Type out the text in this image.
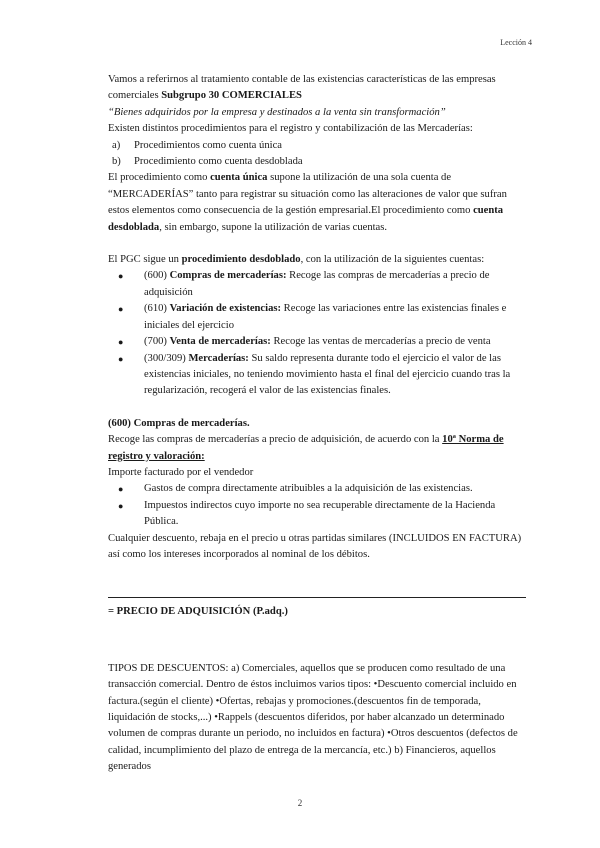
Lección 4

Vamos a referirnos al tratamiento contable de las existencias características de las empresas comerciales Subgrupo 30 COMERCIALES

“Bienes adquiridos por la empresa y destinados a la venta sin transformación”

Existen distintos procedimientos para el registro y contabilización de las Mercaderías:

a)	Procedimientos como cuenta única
b)	Procedimiento como cuenta desdoblada

El procedimiento como cuenta única supone la utilización de una sola cuenta de “MERCADERÍAS” tanto para registrar su situación como las alteraciones de valor que sufran estos elementos como consecuencia de la gestión empresarial.El procedimiento como cuenta desdoblada, sin embargo, supone la utilización de varias cuentas.

El PGC sigue un procedimiento desdoblado, con la utilización de la siguientes cuentas:

● (600) Compras de mercaderías: Recoge las compras de mercaderías a precio de adquisición
● (610) Variación de existencias: Recoge las variaciones entre las existencias finales e iniciales del ejercicio
● (700) Venta de mercaderías: Recoge las ventas de mercaderías a precio de venta
● (300/309) Mercaderías: Su saldo representa durante todo el ejercicio el valor de las existencias iniciales, no teniendo movimiento hasta el final del ejercicio cuando tras la regularización, recogerá el valor de las existencias finales.

(600) Compras de mercaderías.

Recoge las compras de mercaderías a precio de adquisición, de acuerdo con la 10ª Norma de registro y valoración:

Importe facturado por el vendedor

● Gastos de compra directamente atribuibles a la adquisición de las existencias.
● Impuestos indirectos cuyo importe no sea recuperable directamente de la Hacienda Pública.

Cualquier descuento, rebaja en el precio u otras partidas similares (INCLUIDOS EN FACTURA) así como los intereses incorporados al nominal de los débitos.

= PRECIO DE ADQUISICIÓN (P.adq.)

TIPOS DE DESCUENTOS: a) Comerciales, aquellos que se producen como resultado de una transacción comercial. Dentro de éstos incluimos varios tipos: •Descuento comercial incluido en factura.(según el cliente) •Ofertas, rebajas y promociones.(descuentos fin de temporada, liquidación de stocks,...) •Rappels (descuentos diferidos, por haber alcanzado un determinado volumen de compras durante un periodo, no incluidos en factura) •Otros descuentos (defectos de calidad, incumplimiento del plazo de entrega de la mercancía, etc.) b) Financieros, aquellos generados

2
